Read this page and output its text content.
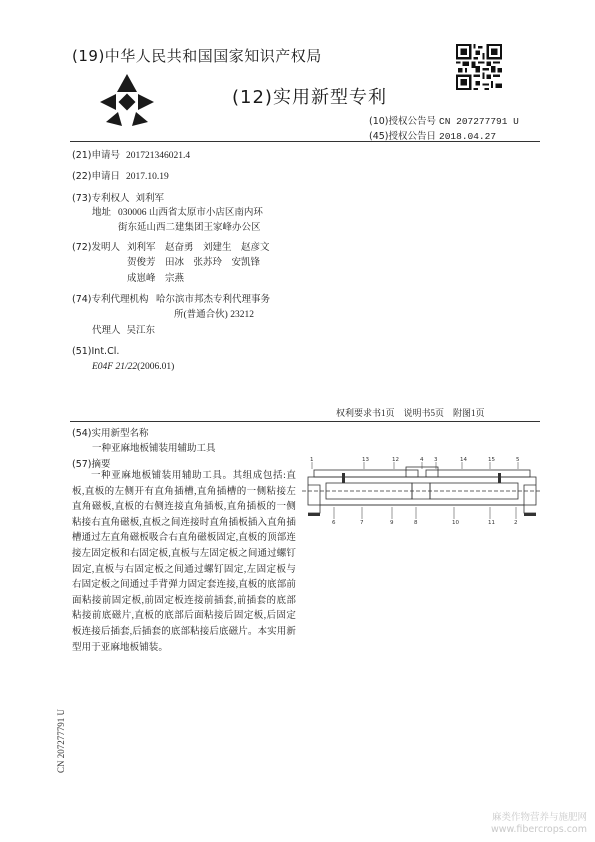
(19)中华人民共和国国家知识产权局
(12)实用新型专利
(10)授权公告号 CN 207277791 U
(45)授权公告日 2018.04.27
(21)申请号 201721346021.4
(22)申请日 2017.10.19
(73)专利权人 刘利军
地址 030006 山西省太原市小店区南内环
街东延山西二建集团王家峰办公区
(72)发明人 刘利军　赵奋勇　刘建生　赵彦文
贺俊芳　田冰　张苏玲　安凯锋
成崽峰　宗燕
(74)专利代理机构 哈尔滨市邦杰专利代理事务
所(普通合伙) 23212
代理人 吴江东
(51)Int.Cl.
E04F 21/22(2006.01)
权利要求书1页　说明书5页　附图1页
(54)实用新型名称
一种亚麻地板铺装用辅助工具
(57)摘要
一种亚麻地板铺装用辅助工具。其组成包括:直板,直板的左侧开有直角插槽,直角插槽的一侧粘接左直角磁板,直板的右侧连接直角插板,直角插板的一侧粘接右直角磁板,直板之间连接时直角插板插入直角插槽通过左直角磁板吸合右直角磁板固定,直板的顶部连接左固定板和右固定板,直板与左固定板之间通过螺钉固定,直板与右固定板之间通过螺钉固定,左固定板与右固定板之间通过手背弹力固定套连接,直板的底部前面粘接前固定板,前固定板连接前插套,前插套的底部粘接前底磁片,直板的底部后面粘接后固定板,后固定板连接后插套,后插套的底部粘接后底磁片。本实用新型用于亚麻地板铺装。
1	13	12	4 3	14	15	5
6	7	9	8	10	11	2
CN 207277791 U
麻类作物营养与施肥网
www.fibercrops.com
